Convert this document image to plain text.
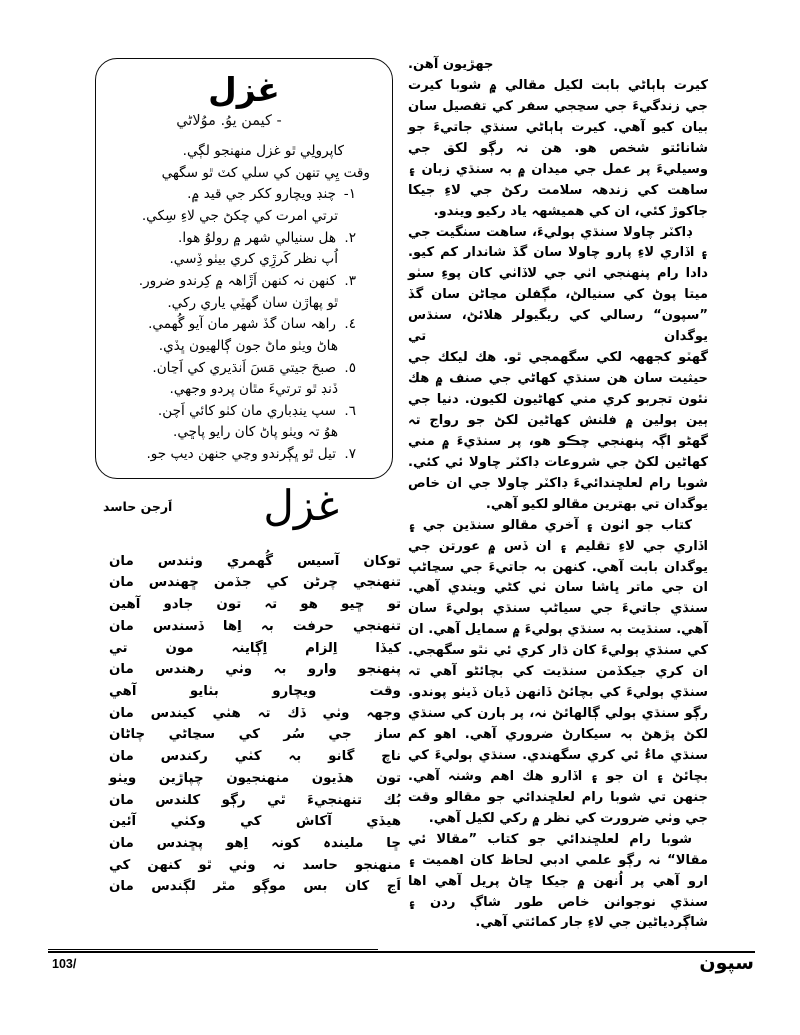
غزل
- كيمن يوُ. موُلاڻي
كاپرولِي ٿو غزل منهنجو لڳي.
وقت يِي تنهن كي سلي كٽ ٿو سگهي
١-چنڊ ويچارو ككر جي قيد ۾.
ترتي امرت كي چكڻ جي لاءِ سِكي.
٢.هل سنيالي شهر ۾ رولوُ هوا.
اُپ نظر كَرڙِي كري بيٺو ڏِسي.
٣.كنهن نہ كنهن اَڙَاهہ ۾ كِرندو ضرور.
ٿو پهاڙن سان گهٽِي ياري ركي.
٤.راهہ سان گڏ شهر مان آيو گُهمي.
هاڻ ويٺو ماڻ جون ڳالهيون ڀڏي.
٥.صبحَ جيتي مَسَ اَنڌيري كي اَڃان.
ڏنڊ ٿو ترتيءَ مٿان پردو وجهي.
٦.سپ ينڊباري مان كٺو كائي اَچن.
هوُ تہ ويٺو پاڻ كان رايو پاڇي.
٧.تيل ٿو ڀڳرندو وڃي جنهن ديپ جو.
غزل
اَرجن حاسد

توكان آسيس گُهمري وٺندس مان

تنهنجي چرڻن كي جڏمن ڇهندس مان

تو ڇيو هو تہ تون جادو آهين

تنهنجي حرفت بہ اِها ڏسندس مان

كيڏا اِلزام اِڳاينہ مون تي

پنهنجو وارو بہ وٺي رهندس مان

وقت ويچارو بٺايو آهي

وجهہ وٺي ڏك تہ هٺي كيندس مان

ساز جي سُر كي سڃاڻي چاڻان

ناچ گانو بہ كٺي ركندس مان

تون هڏيون منهنجيون چپاڙين ويٺو

بُك تنهنجيءَ ٿي رڳو كلندس مان

هيڏي آكاش كي وكٺي آئين

ڇا مليندہ كونہ اِهو پڇندس مان

منهنجو حاسد نہ وٺي ٿو كنهن كي

اَڃ كان بس موڳو مٿر لڳندس مان

جهڙيون آهن.

كيرت ٻاٻاڻي بابت لكيل مقالي ۾ شوبا كيرت جي زندگيءَ جي سڃجي سفر كي تفصيل سان بيان كيو آهي. كيرت ٻاٻاڻي سنڌي جاتيءَ جو شانائتو شخص هو. هن نہ رڳو لكق جي وسيليءَ پر عمل جي ميدان ۾ بہ سنڌي زبان ۽ ساهت كي زندهہ سلامت ركڻ جي لاءِ جيكا جاكوڙ كئي، ان كي هميشهہ ياد ركيو ويندو.

ڊاكٽر چاولا سنڌي ٻوليءَ، ساهت سنگيت جي ۽ اڏاري لاءِ پارو چاولا سان گڏ شاندار كم كيو. دادا رام پنهنجي اٺي جي لاڏاٺي كان پوءِ سٺو ميتا پوڻ كي سنيالڻ، مڳفلن مڃاڻن سان گڏ ”سپون“ رسالي كي ريگيولر هلائڻ، سنڌس يوگدان تي

گهٽو كجههہ لكي سگهمجي ٿو. هك ليكك جي حيثيت سان هن سنڌي كهاڻي جي صنف ۾ هك نئون تجربو كري مني كهاڻيون لكيون. دنيا جي ٻين ٻولين ۾ فلنش كهاڻين لكڻ جو رواج تہ گهڻو اڳہ پنهنجي چڪو هو، پر سنڌيءَ ۾ مني كهاڻين لكڻ جي شروعات ڊاكٽر چاولا ئي كئي. شوبا رام لعلڇندائيءَ ڊاكٽر چاولا جي ان خاص يوگدان تي بهترين مقالو لكيو آهي.

كتاب جو اٺون ۽ آخري مقالو سنڌين جي ۽ اڏاري جي لاءِ تقليم ۽ ان ڏس ۾ عورتن جي يوگدان بابت آهي. كنهن بہ جاتيءَ جي سڃاڻپ ان جي ماتر ڀاشا سان ٺي كڻي ويندي آهي. سنڌي جاتيءَ جي سياڻپ سنڌي ٻوليءَ سان آهي. سنڌيت بہ سنڌي ٻوليءَ ۾ سمايل آهي. ان كي سنڌي ٻوليءَ كان ڌار كري ئي نٿو سگهجي. ان كري جيكڏمن سنڌيت كي بچائڻو آهي تہ سنڌي ٻوليءَ كي بچائڻ ڏانهن ڏيان ڏيٺو پوندو. رڳو سنڌي ٻولي ڳالهائڻ نہ، پر ٻارن كي سنڌي لكڻ پڙهڻ بہ سيكارڻ ضروري آهي. اهو كم سنڌي ماءُ ئي كري سگهندي. سنڌي ٻوليءَ كي بچائڻ ۽ ان جو ۽ اڏارو هك اهم وشنہ آهي. جنهن تي شوبا رام لعلڇندائي جو مقالو وقت جي وٺي ضرورت كي نظر ۾ ركي لكيل آهي.

شوبا رام لعلڇندائي جو كتاب ”مقالا ئي مقالا“ نہ رڳو علمي ادبي لحاظ كان اهميت ۽ ارو آهي پر اُنهن ۾ جيكا ڇاڻ پريل آهي اها سنڌي نوجوانن خاص طور شاڳ ردن ۽ شاڳردياڻين جي لاءِ جار كمائتي آهي.

103/	سپون
